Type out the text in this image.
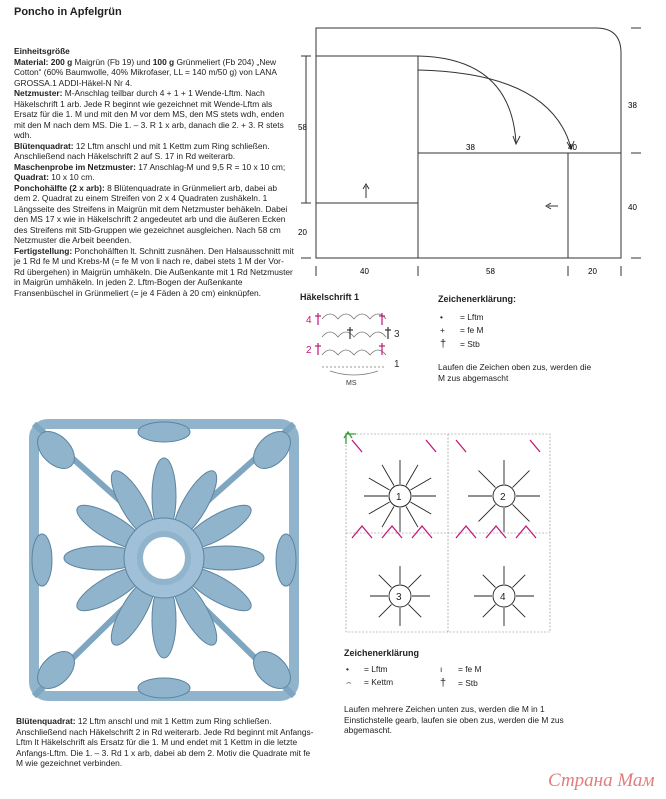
Poncho in Apfelgrün

Einheitsgröße

Material: 200 g Maigrün (Fb 19) und 100 g Grünmeliert (Fb 204) „New Cotton“ (60% Baumwolle, 40% Mikrofaser, LL = 140 m/50 g) von LANA GROSSA.1 ADDI-Häkel-N Nr 4.

Netzmuster: M-Anschlag teilbar durch 4 + 1 + 1 Wende-Lftm. Nach Häkelschrift 1 arb. Jede R beginnt wie gezeichnet mit Wende-Lftm als Ersatz für die 1. M und mit den M vor dem MS, den MS stets wdh, enden mit den M nach dem MS. Die 1. – 3. R 1 x arb, danach die 2. + 3. R stets wdh.

Blütenquadrat: 12 Lftm anschl und mit 1 Kettm zum Ring schließen. Anschließend nach Häkelschrift 2 auf S. 17 in Rd weiterarb.

Maschenprobe im Netzmuster: 17 Anschlag-M und 9,5 R = 10 x 10 cm; Quadrat: 10 x 10 cm.

Ponchohälfte (2 x arb): 8 Blütenquadrate in Grünmeliert arb, dabei ab dem 2. Quadrat zu einem Streifen von 2 x 4 Quadraten zushäkeln. 1 Längsseite des Streifens in Maigrün mit dem Netzmuster behäkeln. Dabei den MS 17 x wie in Häkelschrift 2 angedeutet arb und die äußeren Ecken des Streifens mit Stb-Gruppen wie gezeichnet ausgleichen. Nach 58 cm Netzmuster die Arbeit beenden.

Fertigstellung: Ponchohälften lt. Schnitt zusnähen. Den Halsausschnitt mit je 1 Rd fe M und Krebs-M (= fe M von li nach re, dabei stets 1 M der Vor-Rd übergehen) in Maigrün umhäkeln. Die Außenkante mit 1 Rd Netzmuster in Maigrün umhäkeln. In jeden 2. Lftm-Bogen der Außenkante Fransenbüschel in Grünmeliert (= je 4 Fäden à 20 cm) einknüpfen.

58
20
38
38	40
40
40	58	20
Häkelschrift 1
4
2
3
1
MS
Zeichenerklärung:
• = Lftm
+ = fe M
† = Stb
Laufen die Zeichen oben zus, werden die M zus abgemascht
1	2
3	4
Zeichenerklärung
• = Lftm
⌢ = Kettm
ı = fe M
† = Stb
Blütenquadrat: 12 Lftm anschl und mit 1 Kettm zum Ring schließen. Anschließend nach Häkelschrift 2 in Rd weiterarb. Jede Rd beginnt mit Anfangs-Lftm lt Häkelschrift als Ersatz für die 1. M und endet mit 1 Kettm in die letzte Anfangs-Lftm. Die 1. – 3. Rd 1 x arb, dabei ab dem 2. Motiv die Quadrate mit fe M wie gezeichnet verbinden.
Laufen mehrere Zeichen unten zus, werden die M in 1 Einstichstelle gearb, laufen sie oben zus, werden die M zus abgemascht.
Страна Мам
